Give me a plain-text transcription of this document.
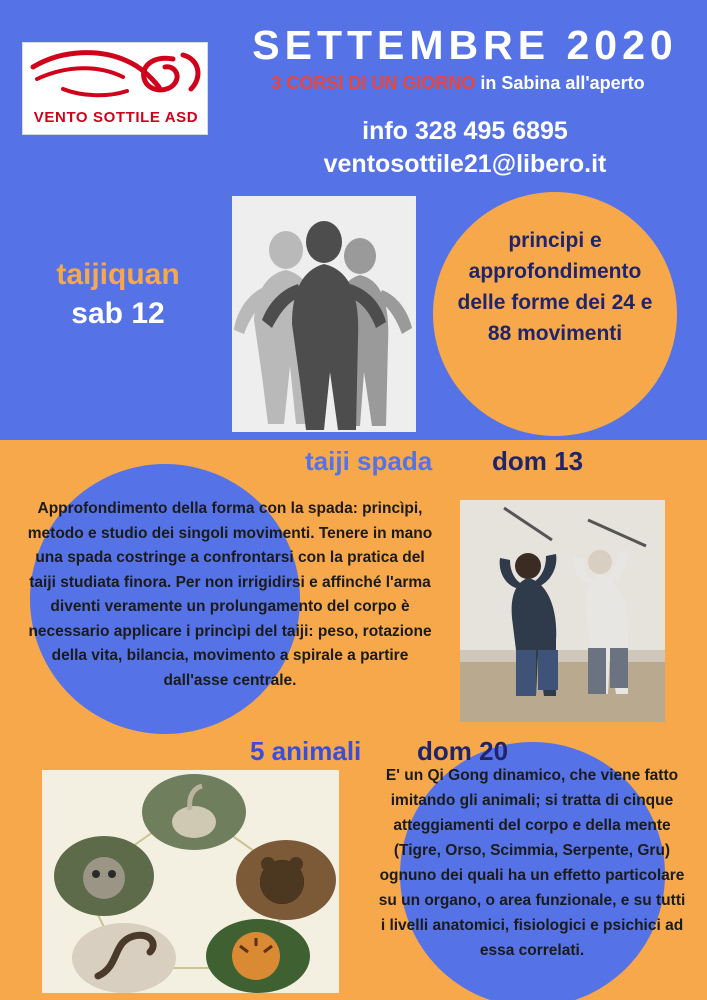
VENTO SOTTILE ASD
SETTEMBRE 2020
3 CORSI DI UN GIORNO in Sabina all'aperto
info 328 495 6895
ventosottile21@libero.it
taijiquan
sab 12
principi e approfondimento delle forme dei 24 e 88 movimenti
taiji spada dom 13
Approfondimento della forma con la spada: princìpi, metodo e studio dei singoli movimenti. Tenere in mano una spada costringe a confrontarsi con la pratica del taiji studiata finora. Per non irrigidirsi e affinché l'arma diventi veramente un prolungamento del corpo è necessario applicare i princìpi del taiji: peso, rotazione della vita, bilancia, movimento a spirale a partire dall'asse centrale.
5 animali dom 20
E' un Qi Gong dinamico, che viene fatto imitando gli animali; si tratta di cinque atteggiamenti del corpo e della mente (Tigre, Orso, Scimmia, Serpente, Gru) ognuno dei quali ha un effetto particolare su un organo, o area funzionale, e su tutti i livelli anatomici, fisiologici e psichici ad essa correlati.
